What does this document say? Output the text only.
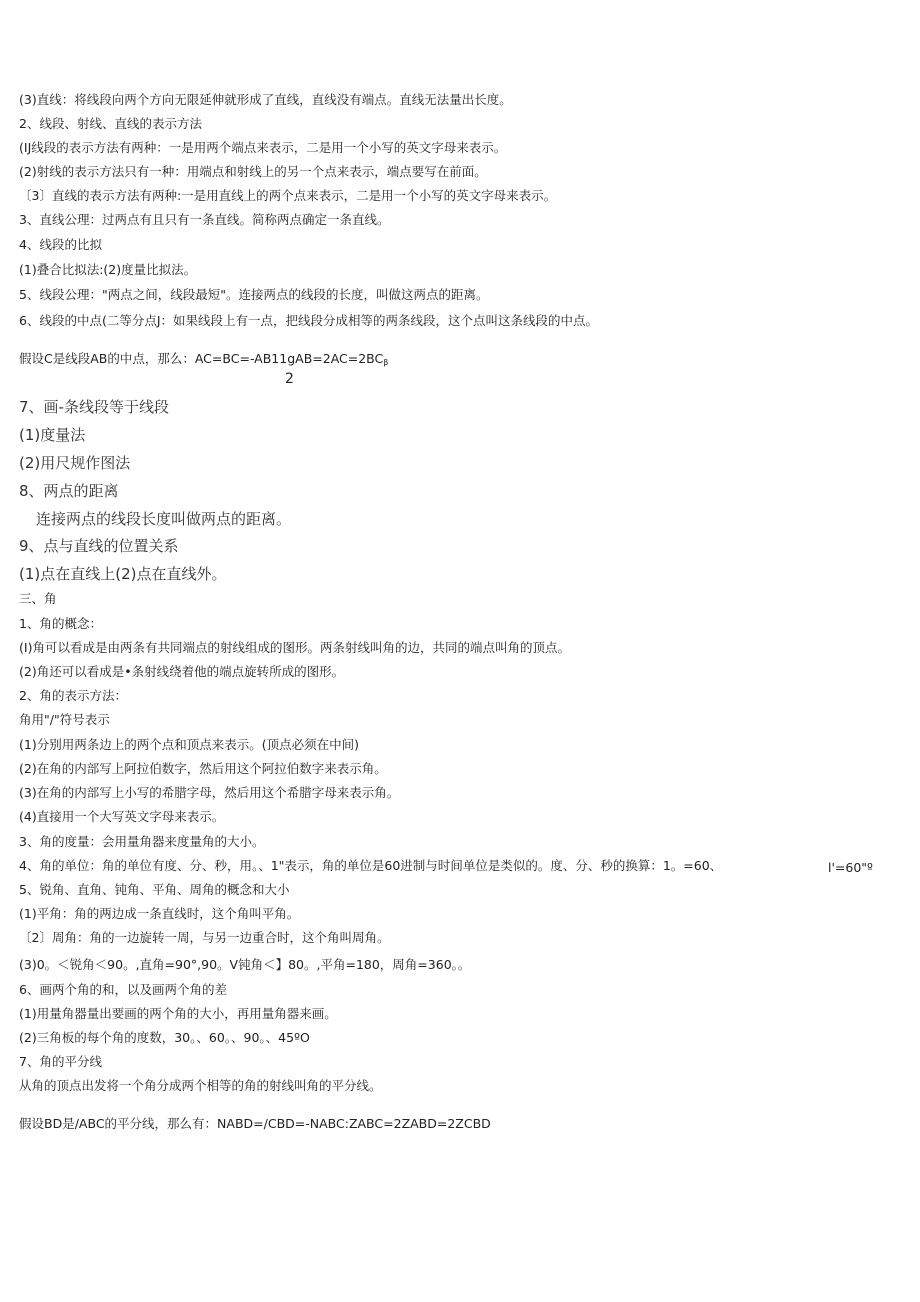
(3)直线：将线段向两个方向无限延伸就形成了直线，直线没有端点。直线无法量出长度。
2、线段、射线、直线的表示方法
(IJ线段的表示方法有两种：一是用两个端点来表示，二是用一个小写的英文字母来表示。
(2)射线的表示方法只有一种：用端点和射线上的另一个点来表示，端点要写在前面。
〔3〕直线的表示方法有两种:一是用直线上的两个点来表示，二是用一个小写的英文字母来表示。
3、直线公理：过两点有且只有一条直线。简称两点确定一条直线。
4、线段的比拟
(1)叠合比拟法:(2)度量比拟法。
5、线段公理："两点之间，线段最短"。连接两点的线段的长度，叫做这两点的距离。
6、线段的中点(二等分点J：如果线段上有一点，把线段分成相等的两条线段，这个点叫这条线段的中点。
假设C是线段AB的中点，那么：$AC=BC=-AB11gAB=2AC=2BC_\beta$
2
7、画-条线段等于线段
(1)度量法
(2)用尺规作图法
8、两点的距离
连接两点的线段长度叫做两点的距离。
9、点与直线的位置关系
(1)点在直线上(2)点在直线外。
三、角
1、角的概念：
(I)角可以看成是由两条有共同端点的射线组成的图形。两条射线叫角的边，共同的端点叫角的顶点。
(2)角还可以看成是•条射线绕着他的端点旋转所成的图形。
2、角的表示方法：
角用"/"符号表示
(1)分别用两条边上的两个点和顶点来表示。(顶点必须在中间)
(2)在角的内部写上阿拉伯数字，然后用这个阿拉伯数字来表示角。
(3)在角的内部写上小写的希腊字母，然后用这个希腊字母来表示角。
(4)直接用一个大写英文字母来表示。
3、角的度量：会用量角器来度量角的大小。
4、角的单位：角的单位有度、分、秒，用。、1"表示，角的单位是60进制与时间单位是类似的。度、分、秒的换算：1。=60、	l'=60"º
5、锐角、直角、钝角、平角、周角的概念和大小
(1)平角：角的两边成一条直线时，这个角叫平角。
〔2〕周角：角的一边旋转一周，与另一边重合时，这个角叫周角。
(3)0。＜锐角＜90。,直角=90°,90。V钝角＜】80。,平角=180，周角=360。。
6、画两个角的和，以及画两个角的差
(1)用量角器量出要画的两个角的大小，再用量角器来画。
(2)三角板的每个角的度数，30。、60。、90。、45ºO
7、角的平分线
从角的顶点出发将一个角分成两个相等的角的射线叫角的平分线。
假设BD是/ABC的平分线，那么有：NABD=/CBD=-NABC:ZABC=2ZABD=2ZCBD
